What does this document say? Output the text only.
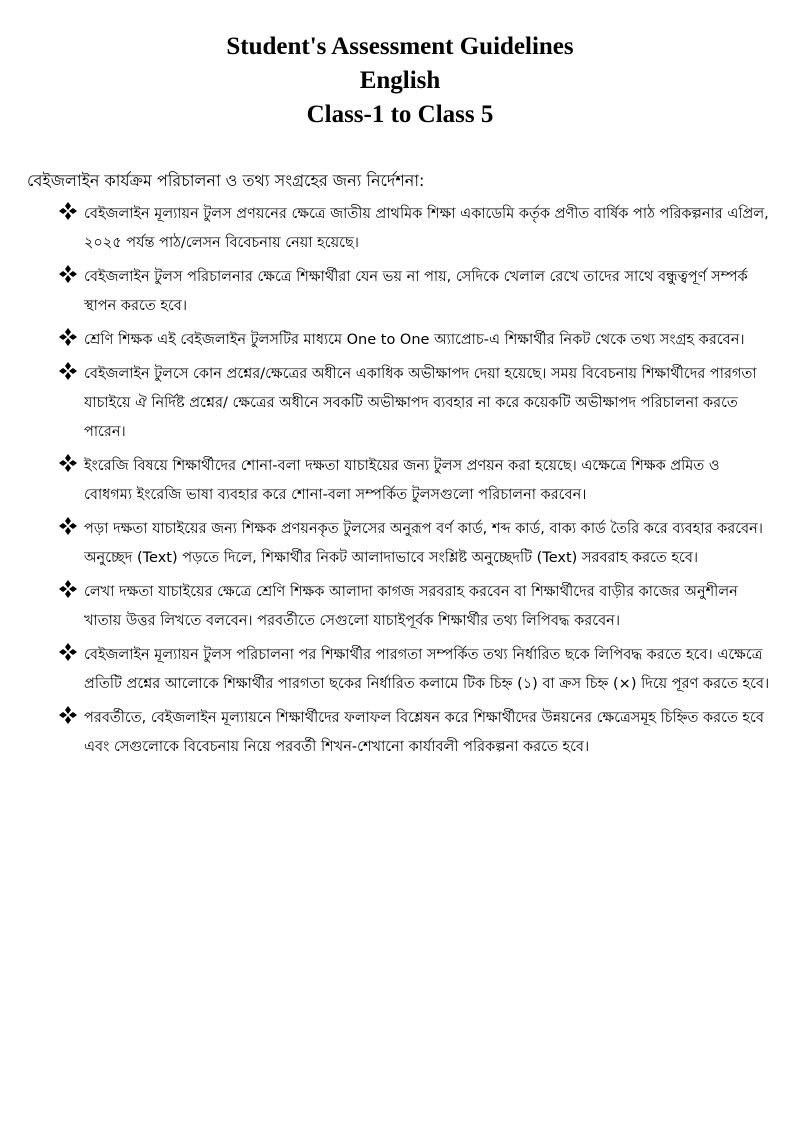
Student's Assessment Guidelines

English

Class-1 to Class 5

বেইজলাইন কার্যক্রম পরিচালনা ও তথ্য সংগ্রহের জন্য নির্দেশনা:
বেইজলাইন মূল্যায়ন টুলস প্রণয়নের ক্ষেত্রে জাতীয় প্রাথমিক শিক্ষা একাডেমি কর্তৃক প্রণীত বার্ষিক পাঠ পরিকল্পনার এপ্রিল, ২০২৫ পর্যন্ত পাঠ/লেসন বিবেচনায় নেয়া হয়েছে।
বেইজলাইন টুলস পরিচালনার ক্ষেত্রে শিক্ষার্থীরা যেন ভয় না পায়, সেদিকে খেলাল রেখে তাদের সাথে বন্ধুত্বপূর্ণ সম্পর্ক স্থাপন করতে হবে।
শ্রেণি শিক্ষক এই বেইজলাইন টুলসটির মাধ্যমে One to One অ্যাপ্রোচ-এ শিক্ষার্থীর নিকট থেকে তথ্য সংগ্রহ করবেন।
বেইজলাইন টুলসে কোন প্রশ্নের/ক্ষেত্রের অধীনে একাধিক অভীক্ষাপদ দেয়া হয়েছে। সময় বিবেচনায় শিক্ষার্থীদের পারগতা যাচাইয়ে ঐ নির্দিষ্ট প্রশ্নের/ ক্ষেত্রের অধীনে সবকটি অভীক্ষাপদ ব্যবহার না করে কয়েকটি অভীক্ষাপদ পরিচালনা করতে পারেন।
ইংরেজি বিষয়ে শিক্ষার্থীদের শোনা-বলা দক্ষতা যাচাইয়ের জন্য টুলস প্রণয়ন করা হয়েছে। এক্ষেত্রে শিক্ষক প্রমিত ও বোধগম্য ইংরেজি ভাষা ব্যবহার করে শোনা-বলা সম্পর্কিত টুলসগুলো পরিচালনা করবেন।
পড়া দক্ষতা যাচাইয়ের জন্য শিক্ষক প্রণয়নকৃত টুলসের অনুরূপ বর্ণ কার্ড, শব্দ কার্ড, বাক্য কার্ড তৈরি করে ব্যবহার করবেন। অনুচ্ছেদ (Text) পড়তে দিলে, শিক্ষার্থীর নিকট আলাদাভাবে সংশ্লিষ্ট অনুচ্ছেদটি (Text) সরবরাহ করতে হবে।
লেখা দক্ষতা যাচাইয়ের ক্ষেত্রে শ্রেণি শিক্ষক আলাদা কাগজ সরবরাহ করবেন বা শিক্ষার্থীদের বাড়ীর কাজের অনুশীলন খাতায় উত্তর লিখতে বলবেন। পরবর্তীতে সেগুলো যাচাইপূর্বক শিক্ষার্থীর তথ্য লিপিবদ্ধ করবেন।
বেইজলাইন মূল্যায়ন টুলস পরিচালনা পর শিক্ষার্থীর পারগতা সম্পর্কিত তথ্য নির্ধারিত ছকে লিপিবদ্ধ করতে হবে। এক্ষেত্রে প্রতিটি প্রশ্নের আলোকে শিক্ষার্থীর পারগতা ছকের নির্ধারিত কলামে টিক চিহ্ন (১) বা ক্রস চিহ্ন (×) দিয়ে পূরণ করতে হবে।
পরবর্তীতে, বেইজলাইন মূল্যায়নে শিক্ষার্থীদের ফলাফল বিশ্লেষন করে শিক্ষার্থীদের উন্নয়নের ক্ষেত্রেসমূহ চিহ্নিত করতে হবে এবং সেগুলোকে বিবেচনায় নিয়ে পরবর্তী শিখন-শেখানো কার্যাবলী পরিকল্পনা করতে হবে।
